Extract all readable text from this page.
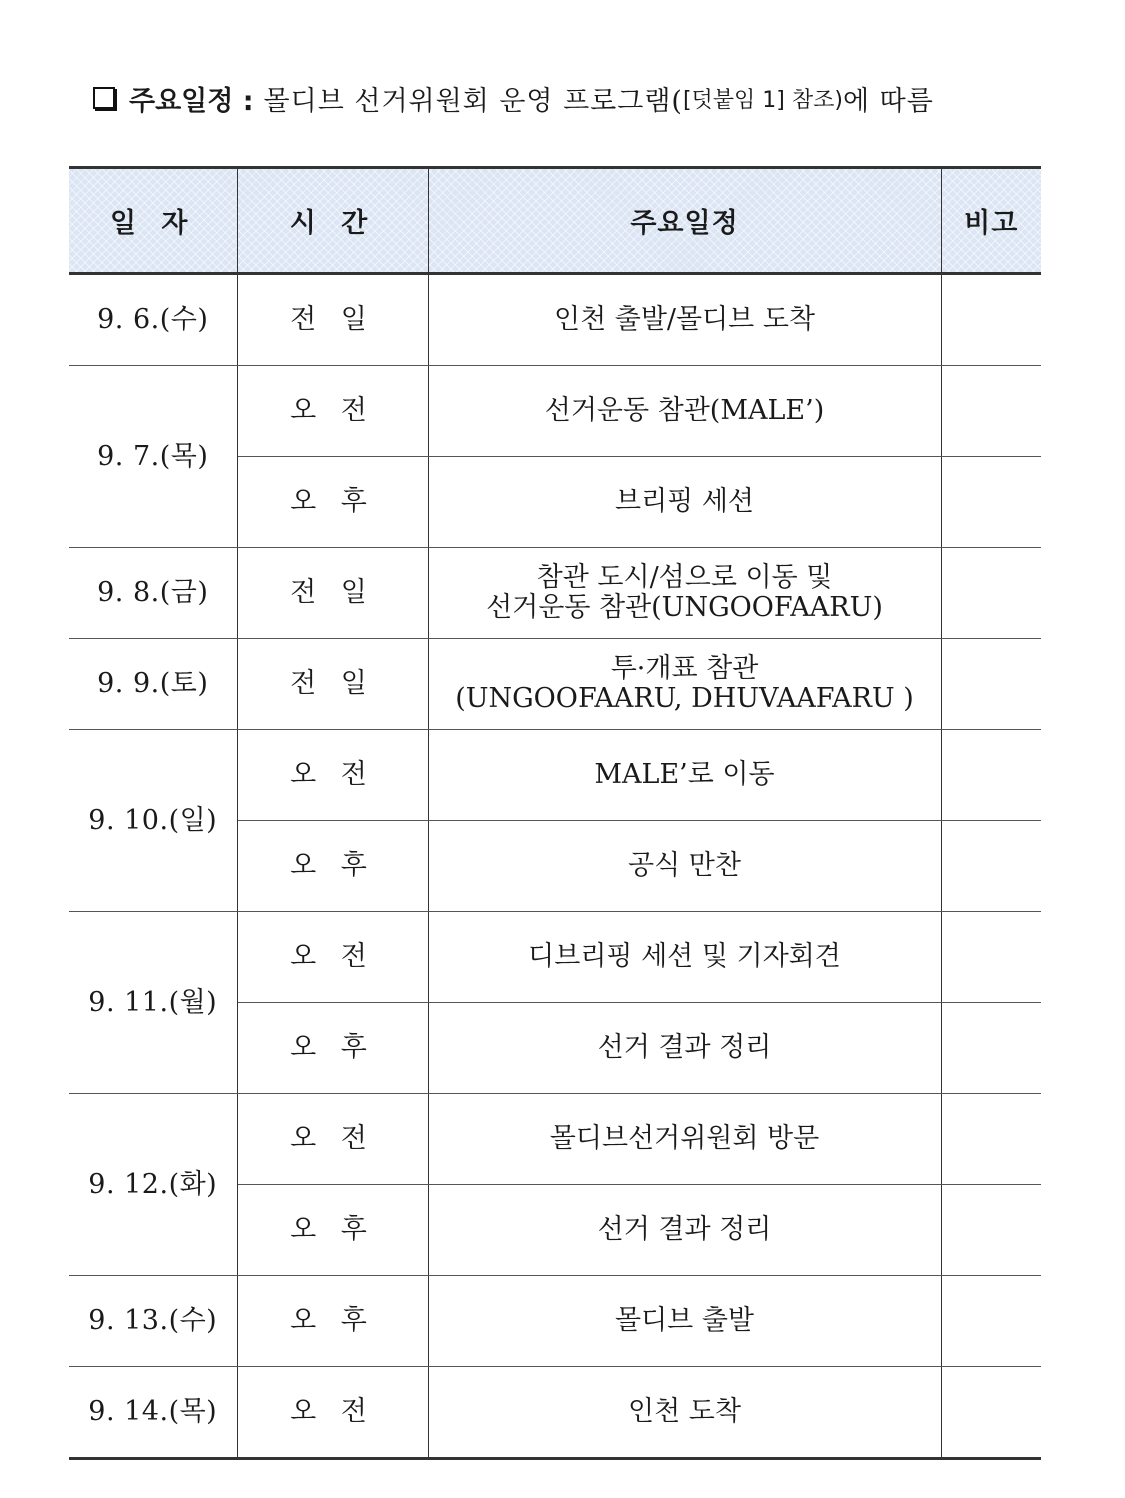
주요일정 : 몰디브 선거위원회 운영 프로그램( [덧붙임 1] 참조) 에 따름
일 자	시 간	주요일정	비고
9. 6.(수)	전 일	인천 출발/몰디브 도착	

9. 7.(목)	오 전	선거운동 참관(MALE’)	

	오 후	브리핑 세션	

9. 8.(금)	전 일	참관 도시/섬으로 이동 및
선거운동 참관(UNGOOFAARU)	

9. 9.(토)	전 일	투·개표 참관
(UNGOOFAARU, DHUVAAFARU )	

9. 10.(일)	오 전	MALE’로 이동	

	오 후	공식 만찬	

9. 11.(월)	오 전	디브리핑 세션 및 기자회견	

	오 후	선거 결과 정리	

9. 12.(화)	오 전	몰디브선거위원회 방문	

	오 후	선거 결과 정리	

9. 13.(수)	오 후	몰디브 출발	

9. 14.(목)	오 전	인천 도착	
